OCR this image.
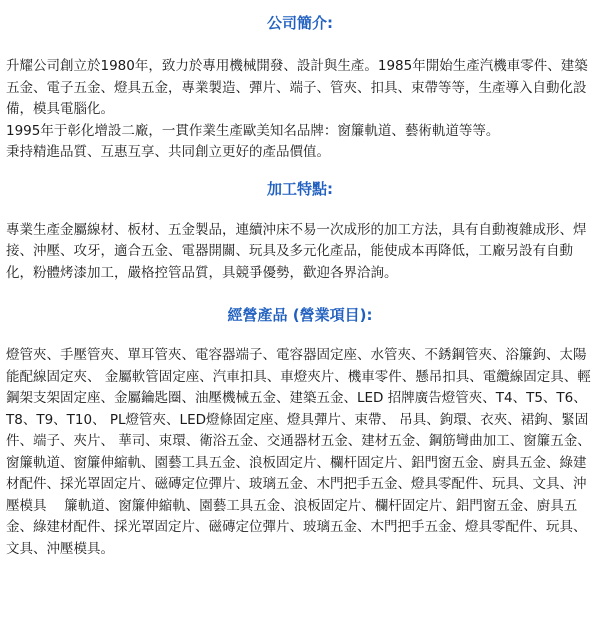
公司簡介:

升耀公司創立於1980年，致力於專用機械開發、設計與生產。1985年開始生產汽機車零件、建築五金、電子五金、燈具五金，專業製造、彈片、端子、管夾、扣具、束帶等等，生產導入自動化設備，模具電腦化。

1995年于彰化增設二廠，一貫作業生產歐美知名品牌：窗簾軌道、藝術軌道等等。

秉持精進品質、互惠互享、共同創立更好的產品價值。

加工特點:

專業生產金屬線材、板材、五金製品，連續沖床不易一次成形的加工方法，具有自動複雜成形、焊接、沖壓、攻牙，適合五金、電器開關、玩具及多元化產品，能使成本再降低，工廠另設有自動化，粉體烤漆加工，嚴格控管品質，具競爭優勢，歡迎各界洽詢。

經營產品 (營業項目):

燈管夾、手壓管夾、單耳管夾、電容器端子、電容器固定座、水管夾、不銹鋼管夾、浴簾鉤、太陽能配線固定夾、 金屬軟管固定座、汽車扣具、車燈夾片、機車零件、懸吊扣具、電纜線固定具、輕鋼架支架固定座、金屬鑰匙圈、油壓機械五金、建築五金、LED 招牌廣告燈管夾、T4、T5、T6、T8、T9、T10、 PL燈管夾、LED燈條固定座、燈具彈片、束帶、 吊具、鉤環、衣夾、裙鉤、緊固件、端子、夾片、 華司、束環、衛浴五金、交通器材五金、建材五金、鋼筋彎曲加工、窗簾五金、窗簾軌道、窗簾伸縮軌、園藝工具五金、浪板固定片、欄杆固定片、鋁門窗五金、廚具五金、綠建材配件、採光罩固定片、磁磚定位彈片、玻璃五金、木門把手五金、燈具零配件、玩具、文具、沖壓模具　 簾軌道、窗簾伸縮軌、園藝工具五金、浪板固定片、欄杆固定片、鋁門窗五金、廚具五金、綠建材配件、採光罩固定片、磁磚定位彈片、玻璃五金、木門把手五金、燈具零配件、玩具、文具、沖壓模具。
